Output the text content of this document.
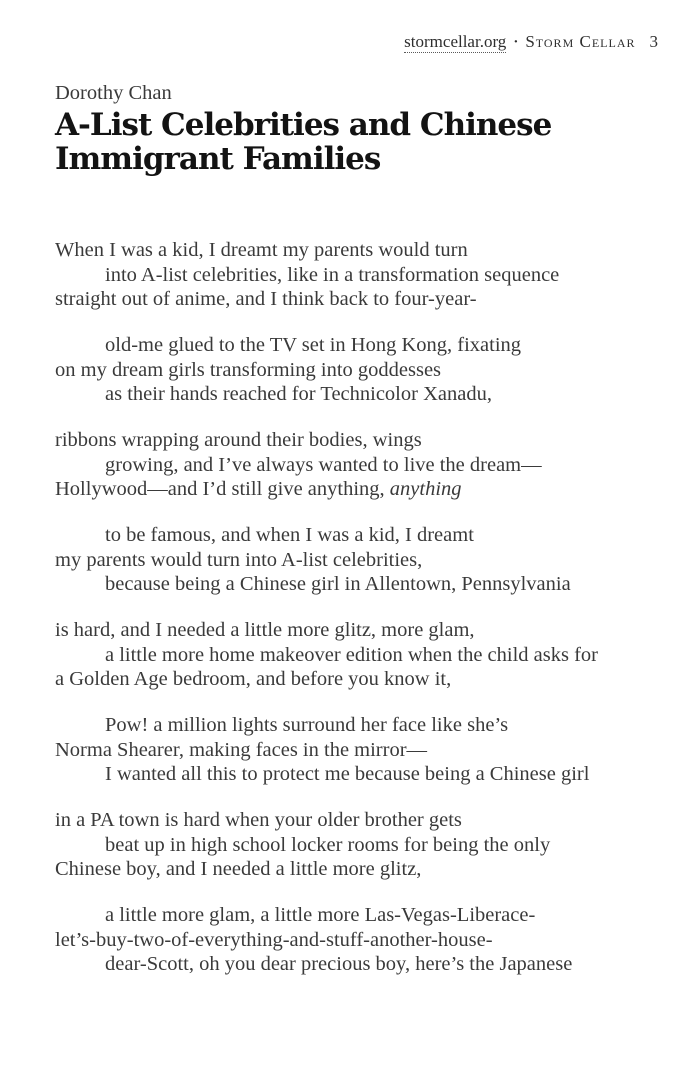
stormcellar.org · Storm Cellar 3
Dorothy Chan
A-List Celebrities and Chinese
Immigrant Families
When I was a kid, I dreamt my parents would turn
into A-list celebrities, like in a transformation sequence
straight out of anime, and I think back to four-year-
old-me glued to the TV set in Hong Kong, fixating
on my dream girls transforming into goddesses
as their hands reached for Technicolor Xanadu,
ribbons wrapping around their bodies, wings
growing, and I’ve always wanted to live the dream—
Hollywood—and I’d still give anything, anything
to be famous, and when I was a kid, I dreamt
my parents would turn into A-list celebrities,
because being a Chinese girl in Allentown, Pennsylvania
is hard, and I needed a little more glitz, more glam,
a little more home makeover edition when the child asks for
a Golden Age bedroom, and before you know it,
Pow! a million lights surround her face like she’s
Norma Shearer, making faces in the mirror—
I wanted all this to protect me because being a Chinese girl
in a PA town is hard when your older brother gets
beat up in high school locker rooms for being the only
Chinese boy, and I needed a little more glitz,
a little more glam, a little more Las-Vegas-Liberace-
let’s-buy-two-of-everything-and-stuff-another-house-
dear-Scott, oh you dear precious boy, here’s the Japanese
